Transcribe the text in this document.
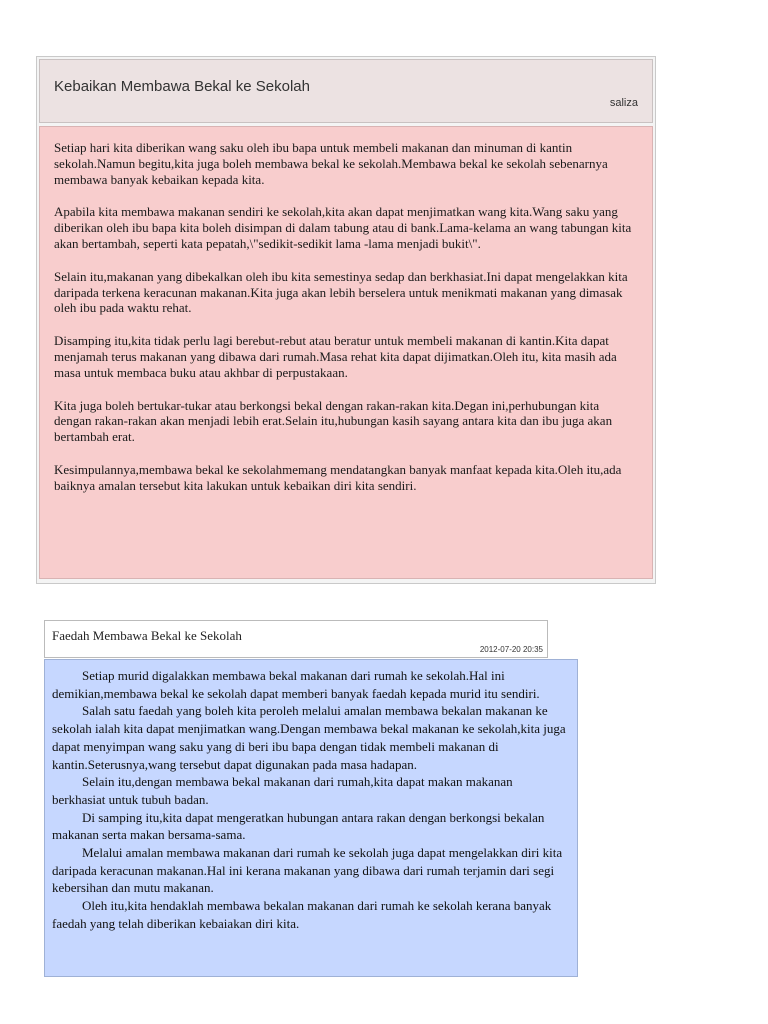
Kebaikan Membawa Bekal ke Sekolah
saliza

Setiap hari kita diberikan wang saku oleh ibu bapa untuk membeli makanan dan minuman di kantin sekolah.Namun begitu,kita juga boleh membawa bekal ke sekolah.Membawa bekal ke sekolah sebenarnya membawa banyak kebaikan kepada kita.

Apabila kita membawa makanan sendiri ke sekolah,kita akan dapat menjimatkan wang kita.Wang saku yang diberikan oleh ibu bapa kita boleh disimpan di dalam tabung atau di bank.Lama-kelama an wang tabungan kita akan bertambah, seperti kata pepatah,\"sedikit-sedikit lama -lama menjadi bukit\".

Selain itu,makanan yang dibekalkan oleh ibu kita semestinya sedap dan berkhasiat.Ini dapat mengelakkan kita daripada terkena keracunan makanan.Kita juga akan lebih berselera untuk menikmati makanan yang dimasak oleh ibu pada waktu rehat.

Disamping itu,kita tidak perlu lagi berebut-rebut atau beratur untuk membeli makanan di kantin.Kita dapat menjamah terus makanan yang dibawa dari rumah.Masa rehat kita dapat dijimatkan.Oleh itu, kita masih ada masa untuk membaca buku atau akhbar di perpustakaan.

Kita juga boleh bertukar-tukar atau berkongsi bekal dengan rakan-rakan kita.Degan ini,perhubungan kita dengan rakan-rakan akan menjadi lebih erat.Selain itu,hubungan kasih sayang antara kita dan ibu juga akan bertambah erat.

Kesimpulannya,membawa bekal ke sekolahmemang mendatangkan banyak manfaat kepada kita.Oleh itu,ada baiknya amalan tersebut kita lakukan untuk kebaikan diri kita sendiri.

Faedah Membawa Bekal ke Sekolah
2012-07-20 20:35

Setiap murid digalakkan membawa bekal makanan dari rumah ke sekolah.Hal ini demikian,membawa bekal ke sekolah dapat memberi banyak faedah kepada murid itu sendiri.

Salah satu faedah yang boleh kita peroleh melalui amalan membawa bekalan makanan ke sekolah ialah kita dapat menjimatkan wang.Dengan membawa bekal makanan ke sekolah,kita juga dapat menyimpan wang saku yang di beri ibu bapa dengan tidak membeli makanan di kantin.Seterusnya,wang tersebut dapat digunakan pada masa hadapan.

Selain itu,dengan membawa bekal makanan dari rumah,kita dapat makan makanan berkhasiat untuk tubuh badan.

Di samping itu,kita dapat mengeratkan hubungan antara rakan dengan berkongsi bekalan makanan serta makan bersama-sama.

Melalui amalan membawa makanan dari rumah ke sekolah juga dapat mengelakkan diri kita daripada keracunan makanan.Hal ini kerana makanan yang dibawa dari rumah terjamin dari segi kebersihan dan mutu makanan.

Oleh itu,kita hendaklah membawa bekalan makanan dari rumah ke sekolah kerana banyak faedah yang telah diberikan kebaiakan diri kita.
